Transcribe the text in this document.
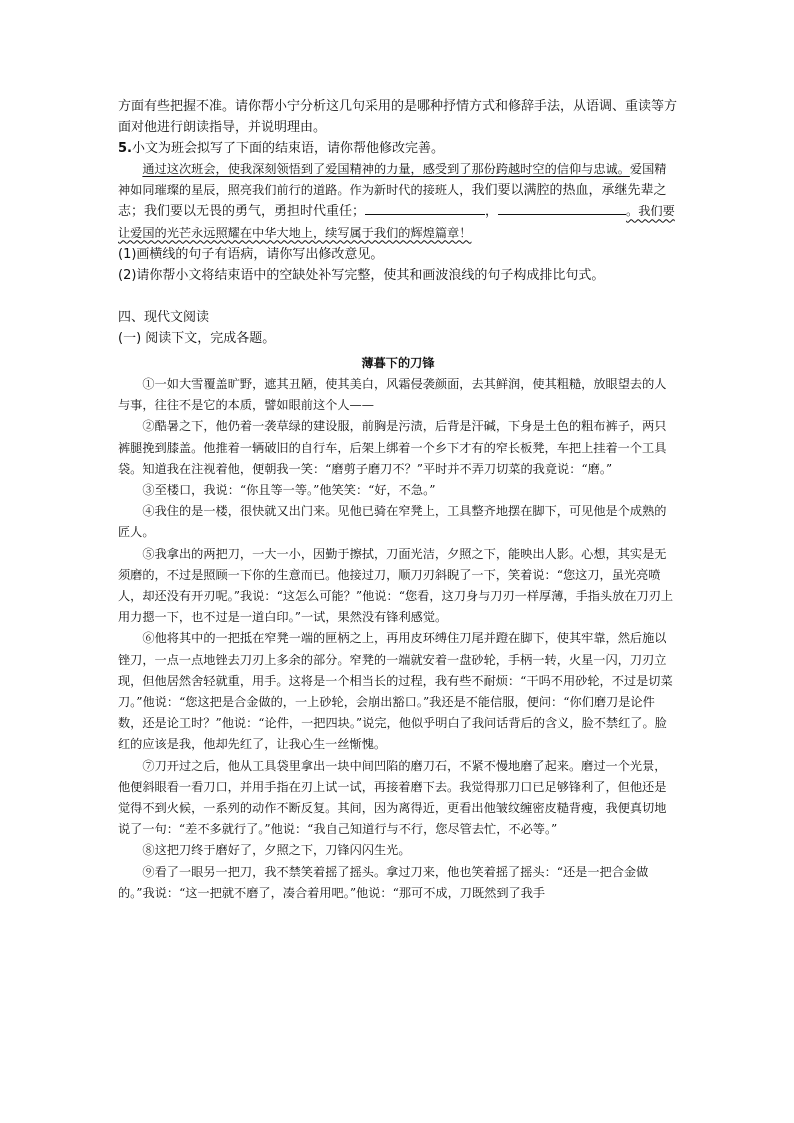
方面有些把握不准。请你帮小宁分析这几句采用的是哪种抒情方式和修辞手法，从语调、重读等方面对他进行朗读指导，并说明理由。

5.小文为班会拟写了下面的结束语，请你帮他修改完善。

通过这次班会，使我深刻领悟到了爱国精神的力量，感受到了那份跨越时空的信仰与忠诚。爱国精神如同璀璨的星辰，照亮我们前行的道路。作为新时代的接班人，我们要以满腔的热血，承继先辈之志；我们要以无畏的勇气，勇担时代重任；	，	。我们要让爱国的光芒永远照耀在中华大地上，续写属于我们的辉煌篇章！

(1)画横线的句子有语病，请你写出修改意见。

(2)请你帮小文将结束语中的空缺处补写完整，使其和画波浪线的句子构成排比句式。

四、现代文阅读

(一) 阅读下文，完成各题。

薄暮下的刀锋

①一如大雪覆盖旷野，遮其丑陋，使其美白，风霜侵袭颜面，去其鲜润，使其粗糙，放眼望去的人与事，往往不是它的本质，譬如眼前这个人——

②酷暑之下，他仍着一袭草绿的建设服，前胸是污渍，后背是汗碱，下身是土色的粗布裤子，两只裤腿挽到膝盖。他推着一辆破旧的自行车，后架上绑着一个乡下才有的窄长板凳，车把上挂着一个工具袋。知道我在注视着他，便朝我一笑：“磨剪子磨刀不？”平时并不弄刀切菜的我竟说：“磨。”

③至楼口，我说：“你且等一等。”他笑笑：“好，不急。”

④我住的是一楼，很快就又出门来。见他已骑在窄凳上，工具整齐地摆在脚下，可见他是个成熟的匠人。

⑤我拿出的两把刀，一大一小，因勤于擦拭，刀面光洁，夕照之下，能映出人影。心想，其实是无须磨的，不过是照顾一下你的生意而已。他接过刀，顺刀刃斜睨了一下，笑着说：“您这刀，虽光亮喷人，却还没有开刃呢。”我说：“这怎么可能？”他说：“您看，这刀身与刀刃一样厚薄，手指头放在刀刃上用力摁一下，也不过是一道白印。”一试，果然没有锋利感觉。

⑥他将其中的一把抵在窄凳一端的匣柄之上，再用皮环缚住刀尾并蹬在脚下，使其牢靠，然后施以锉刀，一点一点地锉去刀刃上多余的部分。窄凳的一端就安着一盘砂轮，手柄一转，火星一闪，刀刃立现，但他居然舍轻就重，用手。这将是一个相当长的过程，我有些不耐烦：“干吗不用砂轮，不过是切菜刀。”他说：“您这把是合金做的，一上砂轮，会崩出豁口。”我还是不能信服，便问：“你们磨刀是论件数，还是论工时？”他说：“论件，一把四块。”说完，他似乎明白了我问话背后的含义，脸不禁红了。脸红的应该是我，他却先红了，让我心生一丝惭愧。

⑦刀开过之后，他从工具袋里拿出一块中间凹陷的磨刀石，不紧不慢地磨了起来。磨过一个光景，他便斜眼看一看刀口，并用手指在刃上试一试，再接着磨下去。我觉得那刀口已足够锋利了，但他还是觉得不到火候，一系列的动作不断反复。其间，因为离得近，更看出他皱纹缠密皮糙背瘦，我便真切地说了一句：“差不多就行了。”他说：“我自己知道行与不行，您尽管去忙，不必等。”

⑧这把刀终于磨好了，夕照之下，刀锋闪闪生光。

⑨看了一眼另一把刀，我不禁笑着摇了摇头。拿过刀来，他也笑着摇了摇头：“还是一把合金做的。”我说：“这一把就不磨了，凑合着用吧。”他说：“那可不成，刀既然到了我手
